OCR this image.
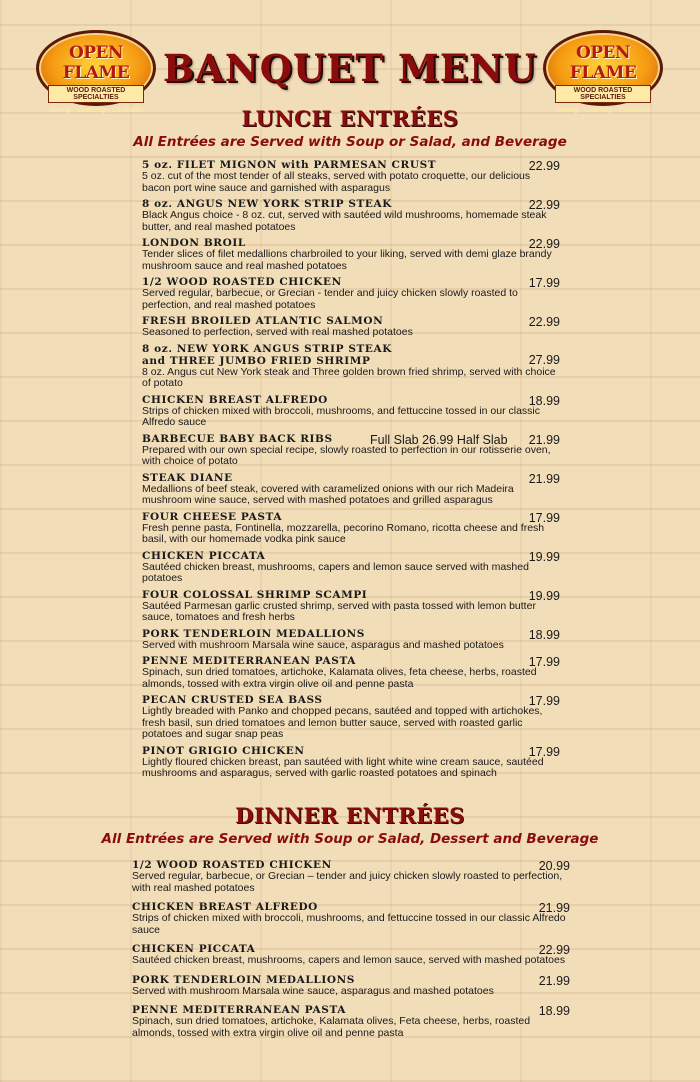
OPEN FLAME
WOOD ROASTED SPECIALTIES
Dining · Catering · Cocktails
BANQUET MENU	OPEN FLAME
WOOD ROASTED SPECIALTIES
Dining · Catering · Cocktails
LUNCH ENTRÉES
All Entrées are Served with Soup or Salad, and Beverage
5 oz. FILET MIGNON with PARMESAN CRUST	22.99
5 oz. cut of the most tender of all steaks, served with potato croquette, our delicious bacon port wine sauce and garnished with asparagus
8 oz. ANGUS NEW YORK STRIP STEAK	22.99
Black Angus choice - 8 oz. cut, served with sautéed wild mushrooms, homemade steak butter, and real mashed potatoes
LONDON BROIL	22.99
Tender slices of filet medallions charbroiled to your liking, served with demi glaze brandy mushroom sauce and real mashed potatoes
1/2 WOOD ROASTED CHICKEN	17.99
Served regular, barbecue, or Grecian - tender and juicy chicken slowly roasted to perfection, and real mashed potatoes
FRESH BROILED ATLANTIC SALMON	22.99
Seasoned to perfection, served with real mashed potatoes
8 oz. NEW YORK ANGUS STRIP STEAK
and THREE JUMBO FRIED SHRIMP	27.99
8 oz. Angus cut New York steak and Three golden brown fried shrimp, served with choice of potato
CHICKEN BREAST ALFREDO	18.99
Strips of chicken mixed with broccoli, mushrooms, and fettuccine tossed in our classic Alfredo sauce
BARBECUE BABY BACK RIBS	Full Slab 26.99 Half Slab 21.99
Prepared with our own special recipe, slowly roasted to perfection in our rotisserie oven, with choice of potato
STEAK DIANE	21.99
Medallions of beef steak, covered with caramelized onions with our rich Madeira mushroom wine sauce, served with mashed potatoes and grilled asparagus
FOUR CHEESE PASTA	17.99
Fresh penne pasta, Fontinella, mozzarella, pecorino Romano, ricotta cheese and fresh basil, with our homemade vodka pink sauce
CHICKEN PICCATA	19.99
Sautéed chicken breast, mushrooms, capers and lemon sauce served with mashed potatoes
FOUR COLOSSAL SHRIMP SCAMPI	19.99
Sautéed Parmesan garlic crusted shrimp, served with pasta tossed with lemon butter sauce, tomatoes and fresh herbs
PORK TENDERLOIN MEDALLIONS	18.99
Served with mushroom Marsala wine sauce, asparagus and mashed potatoes
PENNE MEDITERRANEAN PASTA	17.99
Spinach, sun dried tomatoes, artichoke, Kalamata olives, feta cheese, herbs, roasted almonds, tossed with extra virgin olive oil and penne pasta
PECAN CRUSTED SEA BASS	17.99
Lightly breaded with Panko and chopped pecans, sautéed and topped with artichokes, fresh basil, sun dried tomatoes and lemon butter sauce, served with roasted garlic potatoes and sugar snap peas
PINOT GRIGIO CHICKEN	17.99
Lightly floured chicken breast, pan sautéed with light white wine cream sauce, sautéed mushrooms and asparagus, served with garlic roasted potatoes and spinach
DINNER ENTRÉES
All Entrées are Served with Soup or Salad, Dessert and Beverage
1/2 WOOD ROASTED CHICKEN	20.99
Served regular, barbecue, or Grecian – tender and juicy chicken slowly roasted to perfection, with real mashed potatoes
CHICKEN BREAST ALFREDO	21.99
Strips of chicken mixed with broccoli, mushrooms, and fettuccine tossed in our classic Alfredo sauce
CHICKEN PICCATA	22.99
Sautéed chicken breast, mushrooms, capers and lemon sauce, served with mashed potatoes
PORK TENDERLOIN MEDALLIONS	21.99
Served with mushroom Marsala wine sauce, asparagus and mashed potatoes
PENNE MEDITERRANEAN PASTA	18.99
Spinach, sun dried tomatoes, artichoke, Kalamata olives, Feta cheese, herbs, roasted almonds, tossed with extra virgin olive oil and penne pasta
